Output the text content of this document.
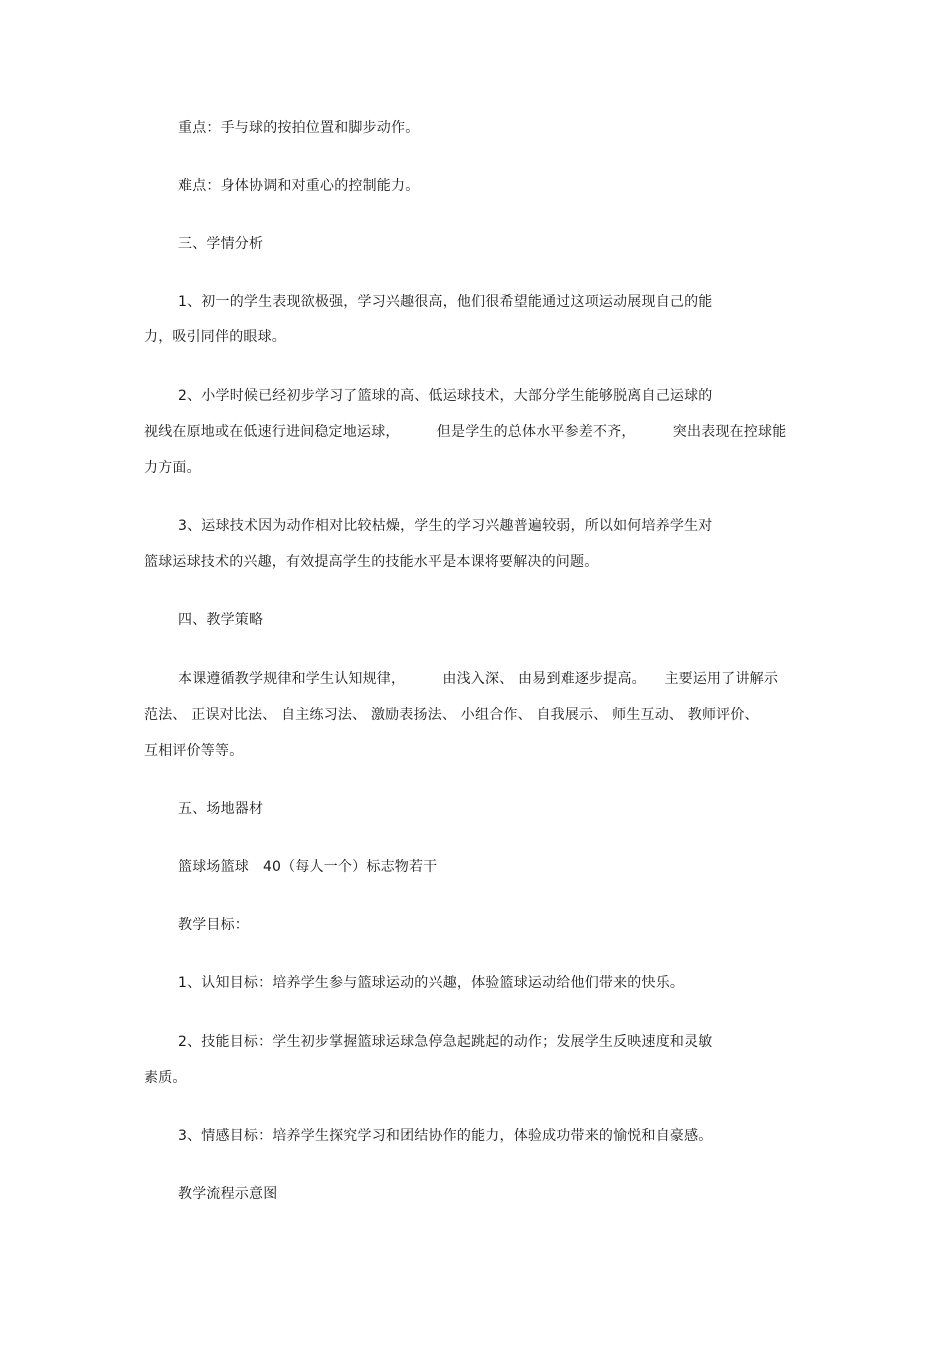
重点：手与球的按拍位置和脚步动作。
难点：身体协调和对重心的控制能力。
三、学情分析
1、初一的学生表现欲极强，学习兴趣很高，他们很希望能通过这项运动展现自己的能
力，吸引同伴的眼球。
2、小学时候已经初步学习了篮球的高、低运球技术，大部分学生能够脱离自己运球的
视线在原地或在低速行进间稳定地运球，        但是学生的总体水平参差不齐，        突出表现在控球能
力方面。
3、运球技术因为动作相对比较枯燥，学生的学习兴趣普遍较弱，所以如何培养学生对
篮球运球技术的兴趣，有效提高学生的技能水平是本课将要解决的问题。
四、教学策略
本课遵循教学规律和学生认知规律，        由浅入深、 由易到难逐步提高。    主要运用了讲解示
范法、 正误对比法、 自主练习法、 激励表扬法、 小组合作、 自我展示、 师生互动、 教师评价、
互相评价等等。
五、场地器材
篮球场篮球   40（每人一个）标志物若干
教学目标：
1、认知目标：培养学生参与篮球运动的兴趣，体验篮球运动给他们带来的快乐。
2、技能目标：学生初步掌握篮球运球急停急起跳起的动作；发展学生反映速度和灵敏
素质。
3、情感目标：培养学生探究学习和团结协作的能力，体验成功带来的愉悦和自豪感。
教学流程示意图
